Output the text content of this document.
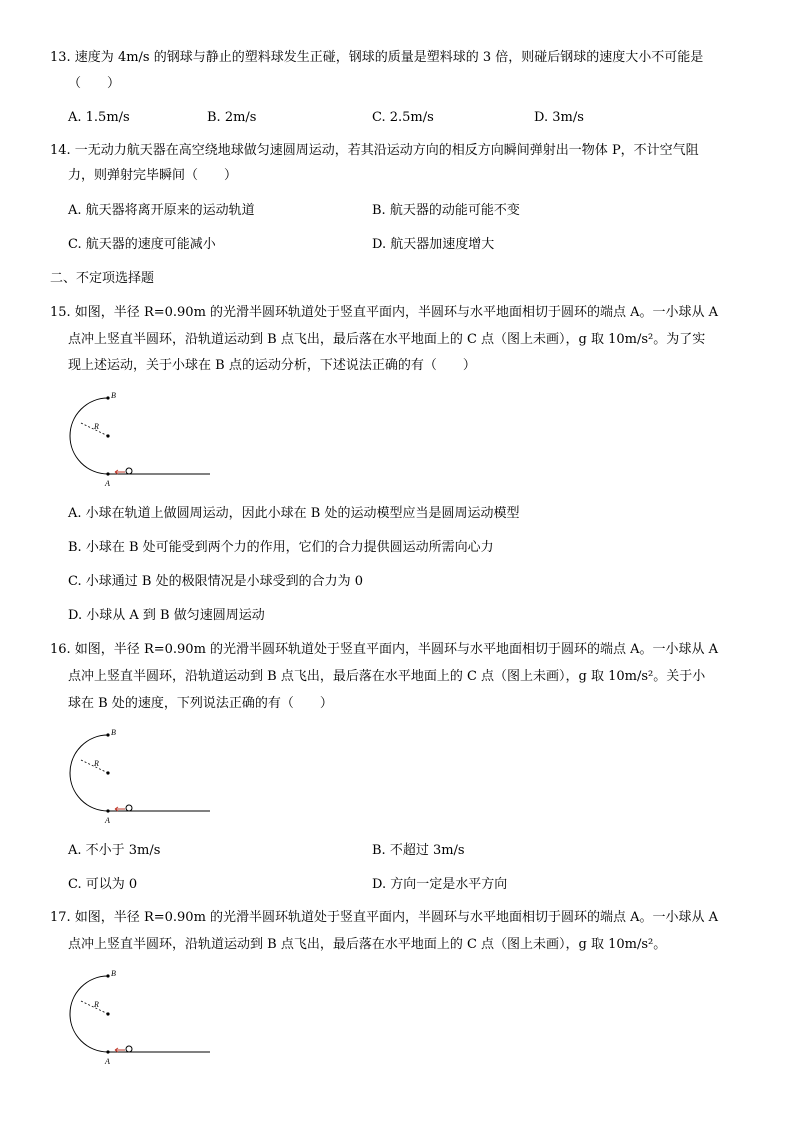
13. 速度为 4m/s 的钢球与静止的塑料球发生正碰，钢球的质量是塑料球的 3 倍，则碰后钢球的速度大小不可能是
（　　）
A. 1.5m/s	B. 2m/s	C. 2.5m/s	D. 3m/s
14. 一无动力航天器在高空绕地球做匀速圆周运动，若其沿运动方向的相反方向瞬间弹射出一物体 P，不计空气阻
力，则弹射完毕瞬间（　　）
A. 航天器将离开原来的运动轨道	B. 航天器的动能可能不变
C. 航天器的速度可能减小	D. 航天器加速度增大
二、不定项选择题
15. 如图，半径 R=0.90m 的光滑半圆环轨道处于竖直平面内，半圆环与水平地面相切于圆环的端点 A。一小球从 A
点冲上竖直半圆环，沿轨道运动到 B 点飞出，最后落在水平地面上的 C 点（图上未画），g 取 10m/s²。为了实
现上述运动，关于小球在 B 点的运动分析，下述说法正确的有（　　）
B
R
A
A. 小球在轨道上做圆周运动，因此小球在 B 处的运动模型应当是圆周运动模型
B. 小球在 B 处可能受到两个力的作用，它们的合力提供圆运动所需向心力
C. 小球通过 B 处的极限情况是小球受到的合力为 0
D. 小球从 A 到 B 做匀速圆周运动
16. 如图，半径 R=0.90m 的光滑半圆环轨道处于竖直平面内，半圆环与水平地面相切于圆环的端点 A。一小球从 A
点冲上竖直半圆环，沿轨道运动到 B 点飞出，最后落在水平地面上的 C 点（图上未画），g 取 10m/s²。关于小
球在 B 处的速度，下列说法正确的有（　　）
B
R
A
A. 不小于 3m/s	B. 不超过 3m/s
C. 可以为 0	D. 方向一定是水平方向
17. 如图，半径 R=0.90m 的光滑半圆环轨道处于竖直平面内，半圆环与水平地面相切于圆环的端点 A。一小球从 A
点冲上竖直半圆环，沿轨道运动到 B 点飞出，最后落在水平地面上的 C 点（图上未画），g 取 10m/s²。
B
R
A
